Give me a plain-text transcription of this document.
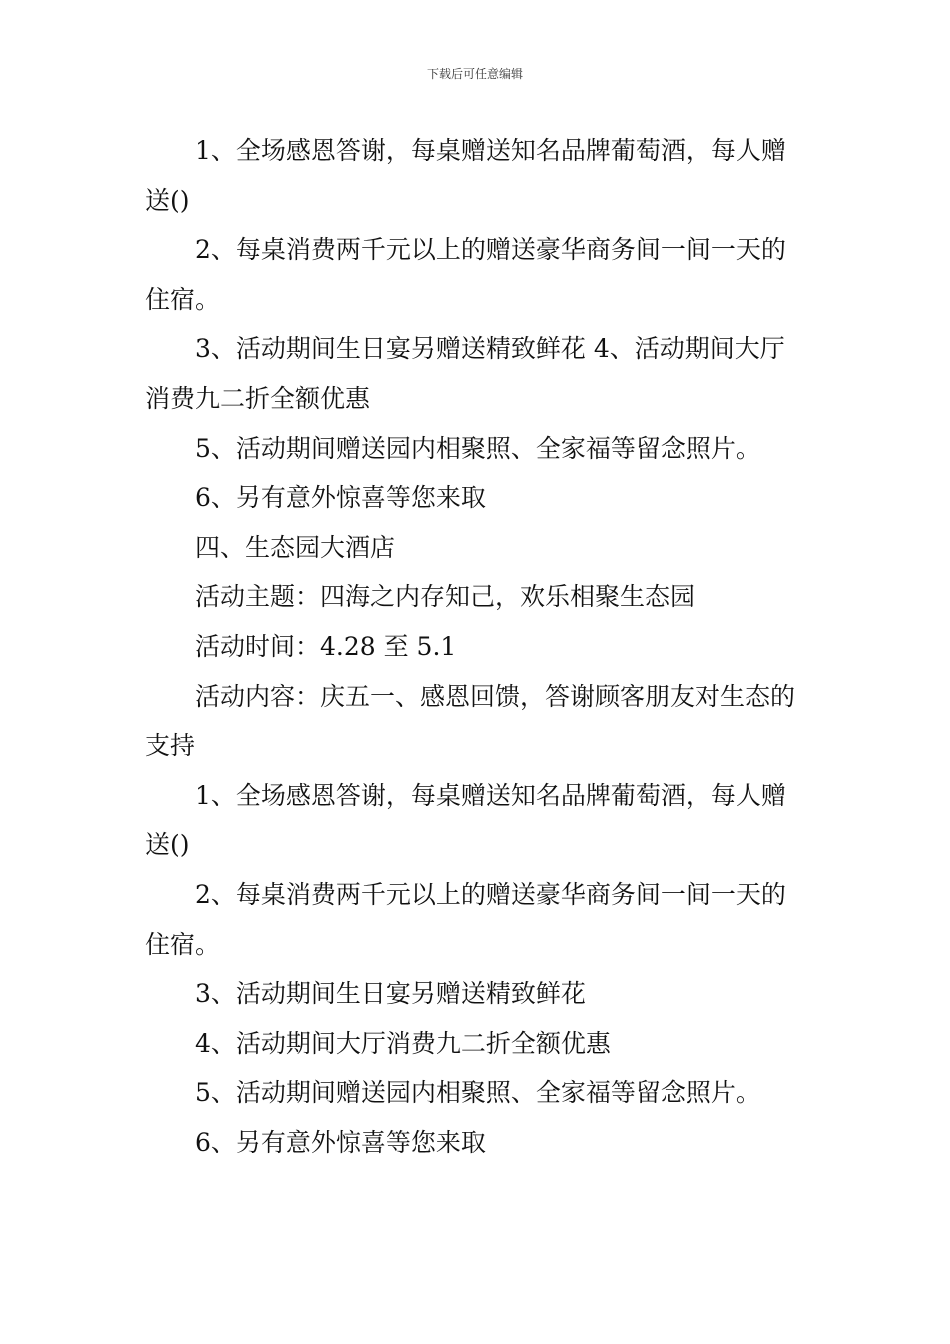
下载后可任意编辑

1、全场感恩答谢，每桌赠送知名品牌葡萄酒，每人赠送()

2、每桌消费两千元以上的赠送豪华商务间一间一天的住宿。

3、活动期间生日宴另赠送精致鲜花 4、活动期间大厅消费九二折全额优惠

5、活动期间赠送园内相聚照、全家福等留念照片。

6、另有意外惊喜等您来取

四、生态园大酒店

活动主题：四海之内存知己，欢乐相聚生态园

活动时间：4.28 至 5.1

活动内容：庆五一、感恩回馈，答谢顾客朋友对生态的支持

1、全场感恩答谢，每桌赠送知名品牌葡萄酒，每人赠送()

2、每桌消费两千元以上的赠送豪华商务间一间一天的住宿。

3、活动期间生日宴另赠送精致鲜花

4、活动期间大厅消费九二折全额优惠

5、活动期间赠送园内相聚照、全家福等留念照片。

6、另有意外惊喜等您来取
